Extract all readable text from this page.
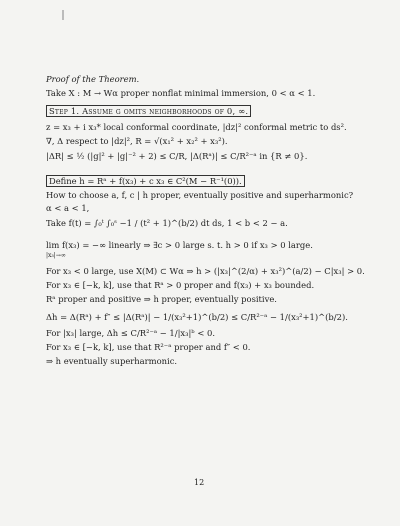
Proof of the Theorem.
Take X : M → Wα proper nonflat minimal immersion, 0 < α < 1.
Step 1. Assume g omits neighborhoods of 0, ∞.
z = x₃ + i x₃* local conformal coordinate, |dz|² conformal metric to ds².
∇, Δ respect to |dz|², R = √(x₁² + x₂² + x₃²).
|ΔR| ≤ ½ (|g|² + |g|⁻² + 2) ≤ C/R, |Δ(Rᵃ)| ≤ C/R²⁻ᵃ in {R ≠ 0}.
Define h = Rᵃ + f(x₃) + c x₃ ∈ C²(M − R⁻¹(0)).
How to choose a, f, c | h proper, eventually positive and superharmonic?
α < a < 1,
Take f(t) = ∫₀ᵗ ∫₀ˢ −1 / (t² + 1)^(b/2) dt ds, 1 < b < 2 − a.
lim f(x₃) = −∞ linearly ⇒ ∃c > 0 large s. t. h > 0 if x₃ > 0 large.
|x₃|→∞
For x₃ < 0 large, use X(M) ⊂ Wα ⇒ h > (|x₃|^(2/α) + x₃²)^(a/2) − C|x₃| > 0.
For x₃ ∈ [−k, k], use that Rᵃ > 0 proper and f(x₃) + x₃ bounded.
Rᵃ proper and positive ⇒ h proper, eventually positive.
Δh = Δ(Rᵃ) + f″ ≤ |Δ(Rᵃ)| − 1/(x₃²+1)^(b/2) ≤ C/R²⁻ᵃ − 1/(x₃²+1)^(b/2).
For |x₃| large, Δh ≤ C/R²⁻ᵃ − 1/|x₃|ᵇ < 0.
For x₃ ∈ [−k, k], use that R²⁻ᵃ proper and f″ < 0.
⇒ h eventually superharmonic.
12
